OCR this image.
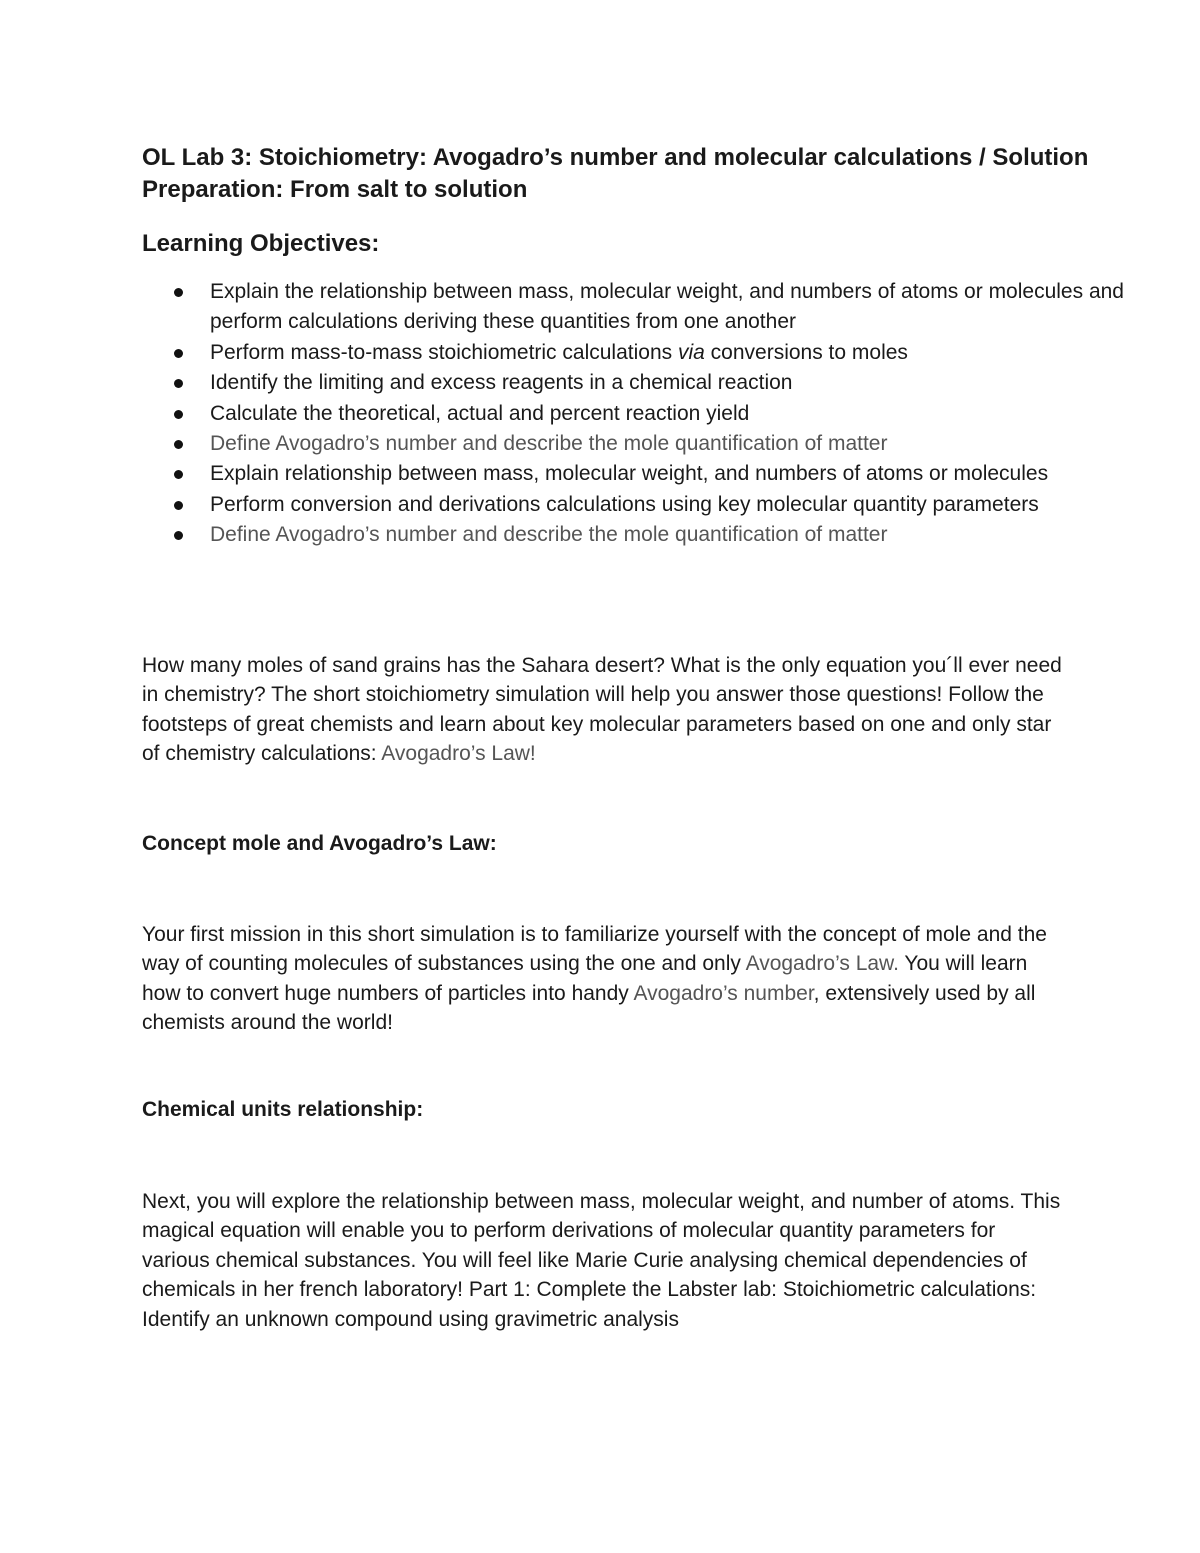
OL Lab 3: Stoichiometry: Avogadro’s number and molecular calculations / Solution Preparation: From salt to solution
Learning Objectives:
Explain the relationship between mass, molecular weight, and numbers of atoms or molecules and perform calculations deriving these quantities from one another
Perform mass-to-mass stoichiometric calculations via conversions to moles
Identify the limiting and excess reagents in a chemical reaction
Calculate the theoretical, actual and percent reaction yield
Define Avogadro’s number and describe the mole quantification of matter
Explain relationship between mass, molecular weight, and numbers of atoms or molecules
Perform conversion and derivations calculations using key molecular quantity parameters
Define Avogadro’s number and describe the mole quantification of matter

How many moles of sand grains has the Sahara desert? What is the only equation you´ll ever need in chemistry? The short stoichiometry simulation will help you answer those questions! Follow the footsteps of great chemists and learn about key molecular parameters based on one and only star of chemistry calculations: Avogadro’s Law!

Concept mole and Avogadro’s Law:

Your first mission in this short simulation is to familiarize yourself with the concept of mole and the way of counting molecules of substances using the one and only Avogadro’s Law. You will learn how to convert huge numbers of particles into handy Avogadro’s number, extensively used by all chemists around the world!

Chemical units relationship:

Next, you will explore the relationship between mass, molecular weight, and number of atoms. This magical equation will enable you to perform derivations of molecular quantity parameters for various chemical substances. You will feel like Marie Curie analysing chemical dependencies of chemicals in her french laboratory! Part 1: Complete the Labster lab: Stoichiometric calculations: Identify an unknown compound using gravimetric analysis
